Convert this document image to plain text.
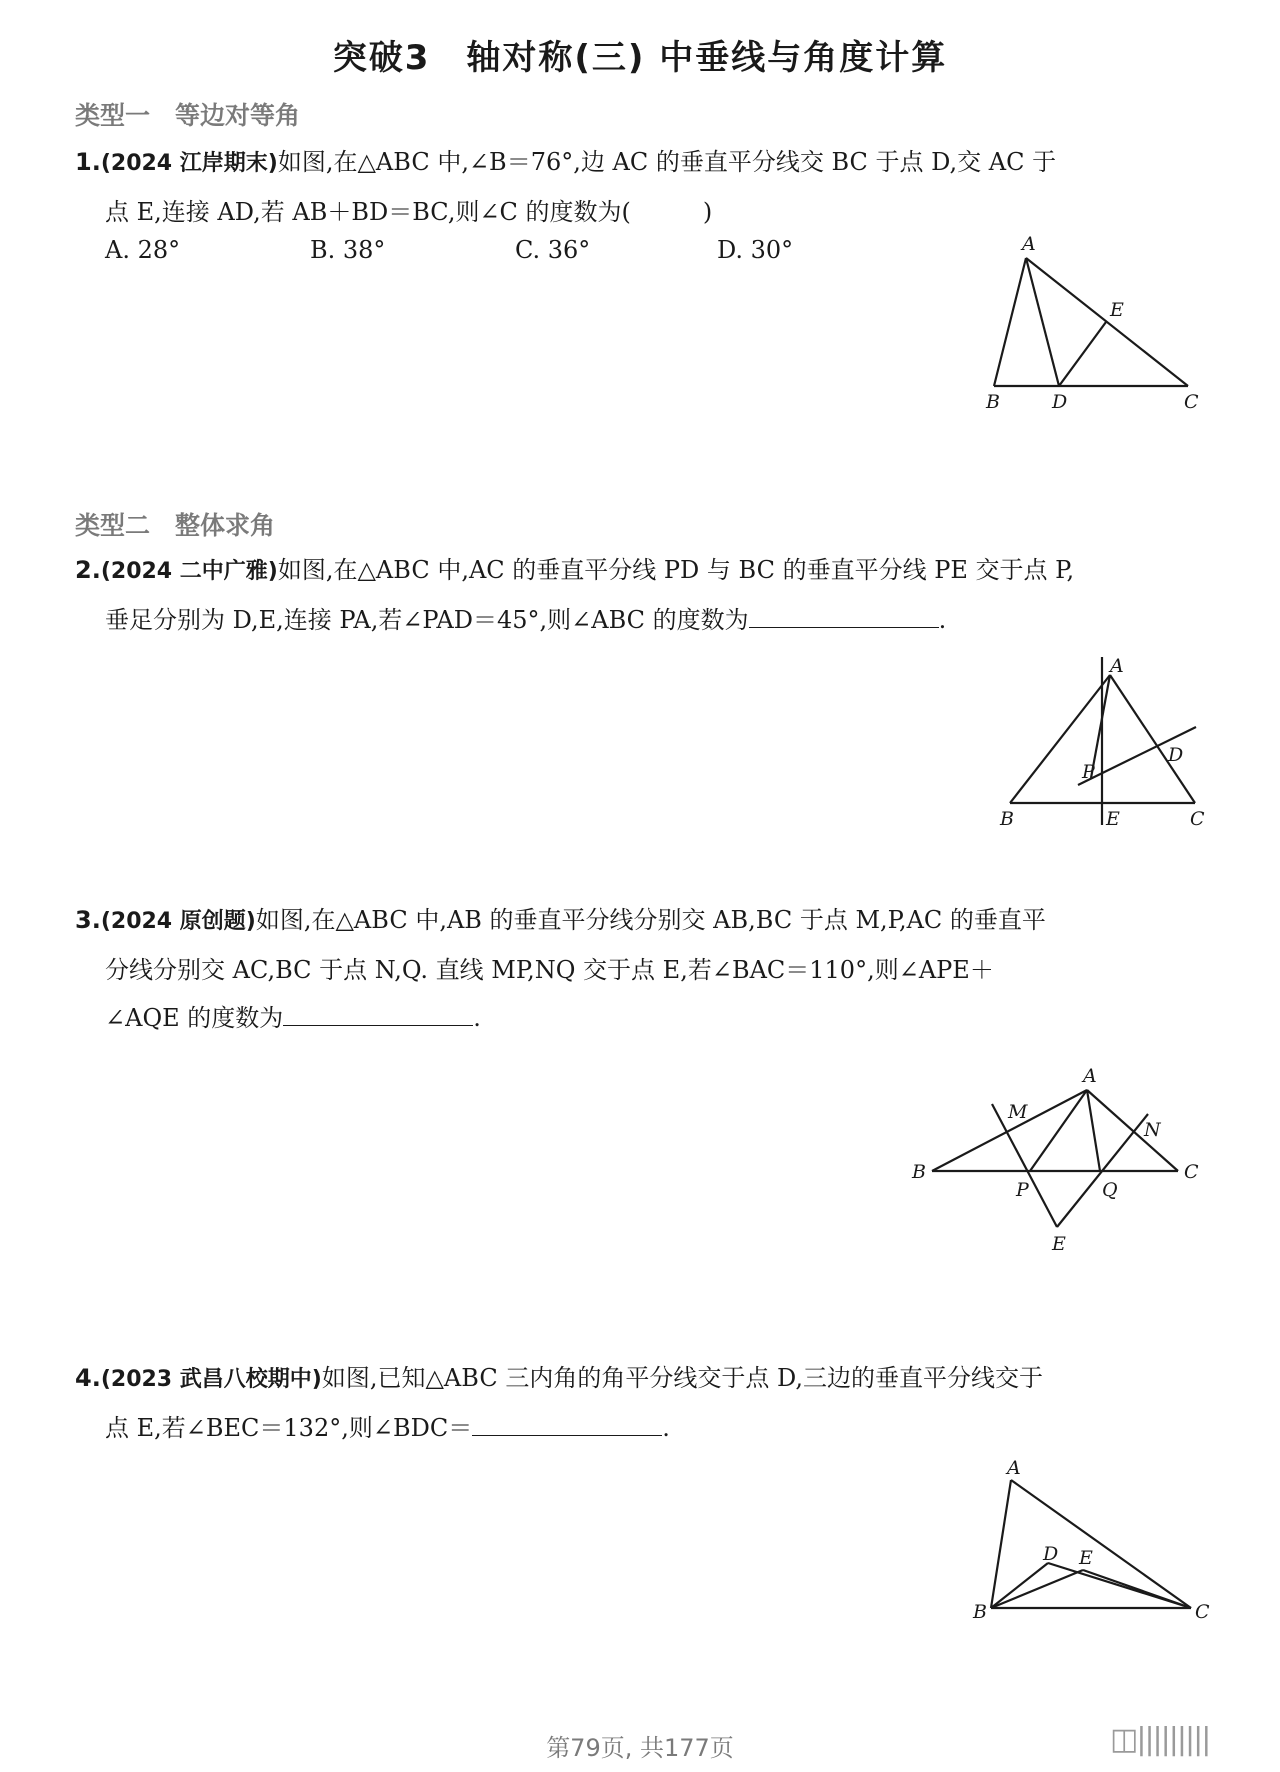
突破3　轴对称(三) 中垂线与角度计算
类型一　等边对等角
1.(2024 江岸期末)如图,在△ABC 中,∠B＝76°,边 AC 的垂直平分线交 BC 于点 D,交 AC 于
点 E,连接 AD,若 AB＋BD＝BC,则∠C 的度数为(　　　)
A. 28°	B. 38°	C. 36°	D. 30°	A
E
B	D	C
类型二　整体求角
2.(2024 二中广雅)如图,在△ABC 中,AC 的垂直平分线 PD 与 BC 的垂直平分线 PE 交于点 P,
垂足分别为 D,E,连接 PA,若∠PAD＝45°,则∠ABC 的度数为	.
A
D
P
B	E	C
3.(2024 原创题)如图,在△ABC 中,AB 的垂直平分线分别交 AB,BC 于点 M,P,AC 的垂直平
分线分别交 AC,BC 于点 N,Q. 直线 MP,NQ 交于点 E,若∠BAC＝110°,则∠APE＋
∠AQE 的度数为	.
A
M
N
B
P	Q
C
E
4.(2023 武昌八校期中)如图,已知△ABC 三内角的角平分线交于点 D,三边的垂直平分线交于
点 E,若∠BEC＝132°,则∠BDC＝	.
A
D E
B	C
第79页, 共177页	◫|||||||||
